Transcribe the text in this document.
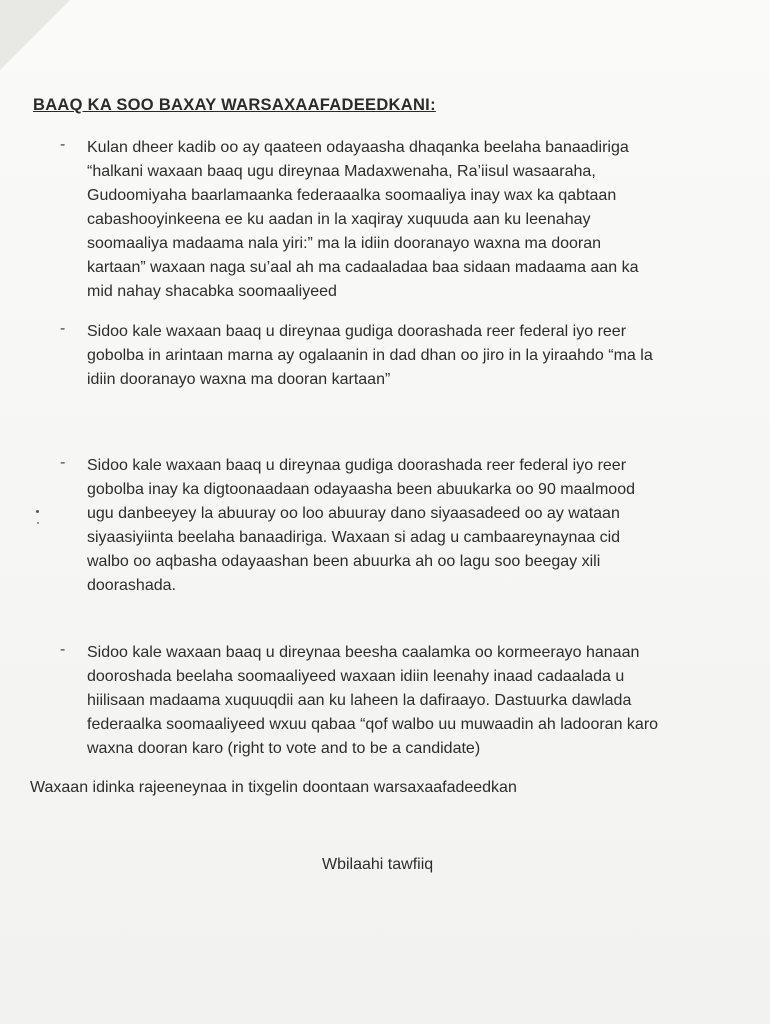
BAAQ KA SOO BAXAY WARSAXAAFADEEDKANI:
- Kulan dheer kadib oo ay qaateen odayaasha dhaqanka beelaha banaadiriga
“halkani waxaan baaq ugu direynaa Madaxwenaha, Ra’iisul wasaaraha,
Gudoomiyaha baarlamaanka federaaalka soomaaliya inay wax ka qabtaan
cabashooyinkeena ee ku aadan in la xaqiray xuquuda aan ku leenahay
soomaaliya madaama nala yiri:” ma la idiin dooranayo waxna ma dooran
kartaan” waxaan naga su’aal ah ma cadaaladaa baa sidaan madaama aan ka
mid nahay shacabka soomaaliyeed
- Sidoo kale waxaan baaq u direynaa gudiga doorashada reer federal iyo reer
gobolba in arintaan marna ay ogalaanin in dad dhan oo jiro in la yiraahdo “ma la
idiin dooranayo waxna ma dooran kartaan”
- Sidoo kale waxaan baaq u direynaa gudiga doorashada reer federal iyo reer
gobolba inay ka digtoonaadaan odayaasha been abuukarka oo 90 maalmood
ugu danbeeyey la abuuray oo loo abuuray dano siyaasadeed oo ay wataan
siyaasiyiinta beelaha banaadiriga. Waxaan si adag u cambaareynaynaa cid
walbo oo aqbasha odayaashan been abuurka ah oo lagu soo beegay xili
doorashada.
- Sidoo kale waxaan baaq u direynaa beesha caalamka oo kormeerayo hanaan
dooroshada beelaha soomaaliyeed waxaan idiin leenahy inaad cadaalada u
hiilisaan madaama xuquuqdii aan ku laheen la dafiraayo. Dastuurka dawlada
federaalka soomaaliyeed wxuu qabaa “qof walbo uu muwaadin ah ladooran karo
waxna dooran karo (right to vote and to be a candidate)
Waxaan idinka rajeeneynaa in tixgelin doontaan warsaxaafadeedkan
Wbilaahi tawfiiq
